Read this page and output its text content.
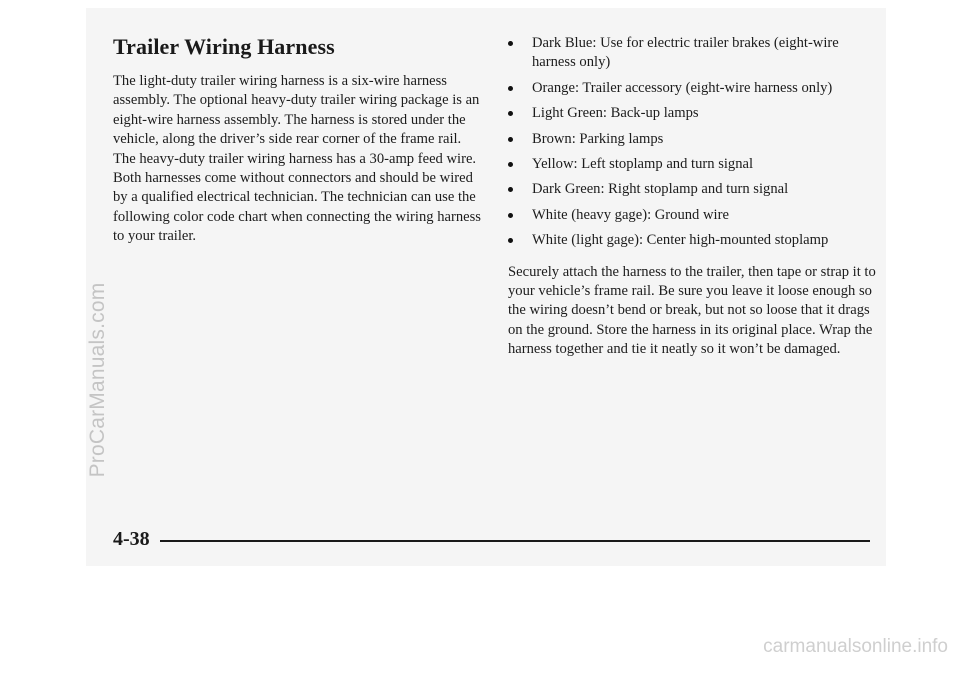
Trailer Wiring Harness

The light-duty trailer wiring harness is a six-wire harness assembly. The optional heavy-duty trailer wiring package is an eight-wire harness assembly. The harness is stored under the vehicle, along the driver’s side rear corner of the frame rail. The heavy-duty trailer wiring harness has a 30-amp feed wire. Both harnesses come without connectors and should be wired by a qualified electrical technician. The technician can use the following color code chart when connecting the wiring harness to your trailer.

Dark Blue: Use for electric trailer brakes (eight-wire harness only)
Orange: Trailer accessory (eight-wire harness only)
Light Green: Back-up lamps
Brown: Parking lamps
Yellow: Left stoplamp and turn signal
Dark Green: Right stoplamp and turn signal
White (heavy gage): Ground wire
White (light gage): Center high-mounted stoplamp

Securely attach the harness to the trailer, then tape or strap it to your vehicle’s frame rail. Be sure you leave it loose enough so the wiring doesn’t bend or break, but not so loose that it drags on the ground. Store the harness in its original place. Wrap the harness together and tie it neatly so it won’t be damaged.

4-38
ProCarManuals.com
carmanualsonline.info
